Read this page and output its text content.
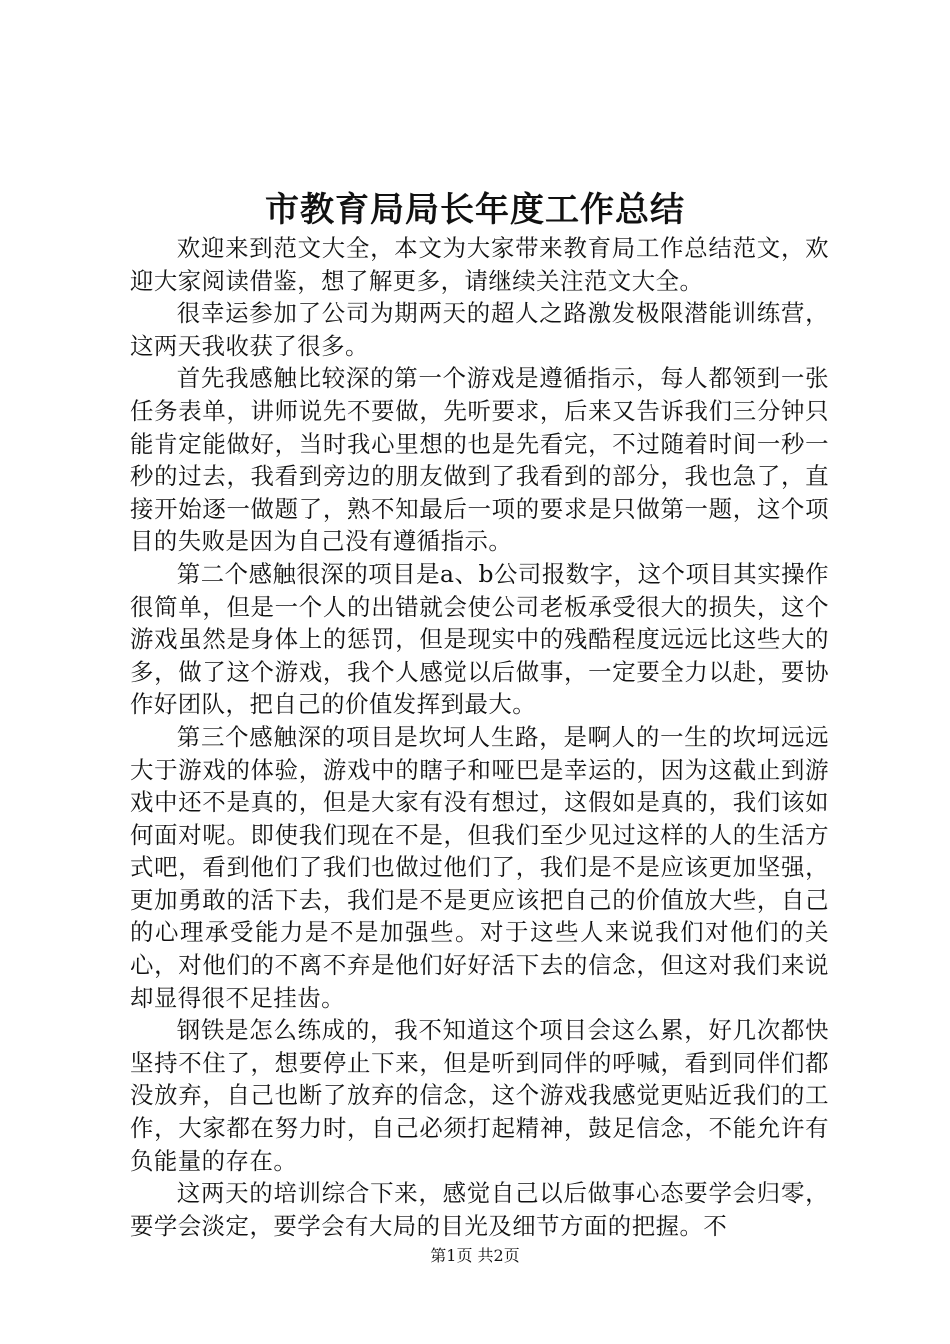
市教育局局长年度工作总结

欢迎来到范文大全，本文为大家带来教育局工作总结范文，欢迎大家阅读借鉴，想了解更多，请继续关注范文大全。

很幸运参加了公司为期两天的超人之路激发极限潜能训练营，这两天我收获了很多。

首先我感触比较深的第一个游戏是遵循指示，每人都领到一张任务表单，讲师说先不要做，先听要求，后来又告诉我们三分钟只能肯定能做好，当时我心里想的也是先看完，不过随着时间一秒一秒的过去，我看到旁边的朋友做到了我看到的部分，我也急了，直接开始逐一做题了，熟不知最后一项的要求是只做第一题，这个项目的失败是因为自己没有遵循指示。

第二个感触很深的项目是a、b公司报数字，这个项目其实操作很简单，但是一个人的出错就会使公司老板承受很大的损失，这个游戏虽然是身体上的惩罚，但是现实中的残酷程度远远比这些大的多，做了这个游戏，我个人感觉以后做事，一定要全力以赴，要协作好团队，把自己的价值发挥到最大。

第三个感触深的项目是坎坷人生路，是啊人的一生的坎坷远远大于游戏的体验，游戏中的瞎子和哑巴是幸运的，因为这截止到游戏中还不是真的，但是大家有没有想过，这假如是真的，我们该如何面对呢。即使我们现在不是，但我们至少见过这样的人的生活方式吧，看到他们了我们也做过他们了，我们是不是应该更加坚强，更加勇敢的活下去，我们是不是更应该把自己的价值放大些，自己的心理承受能力是不是加强些。对于这些人来说我们对他们的关心，对他们的不离不弃是他们好好活下去的信念，但这对我们来说却显得很不足挂齿。

钢铁是怎么练成的，我不知道这个项目会这么累，好几次都快坚持不住了，想要停止下来，但是听到同伴的呼喊，看到同伴们都没放弃，自己也断了放弃的信念，这个游戏我感觉更贴近我们的工作，大家都在努力时，自己必须打起精神，鼓足信念，不能允许有负能量的存在。

这两天的培训综合下来，感觉自己以后做事心态要学会归零，要学会淡定，要学会有大局的目光及细节方面的把握。不

第1页 共2页
